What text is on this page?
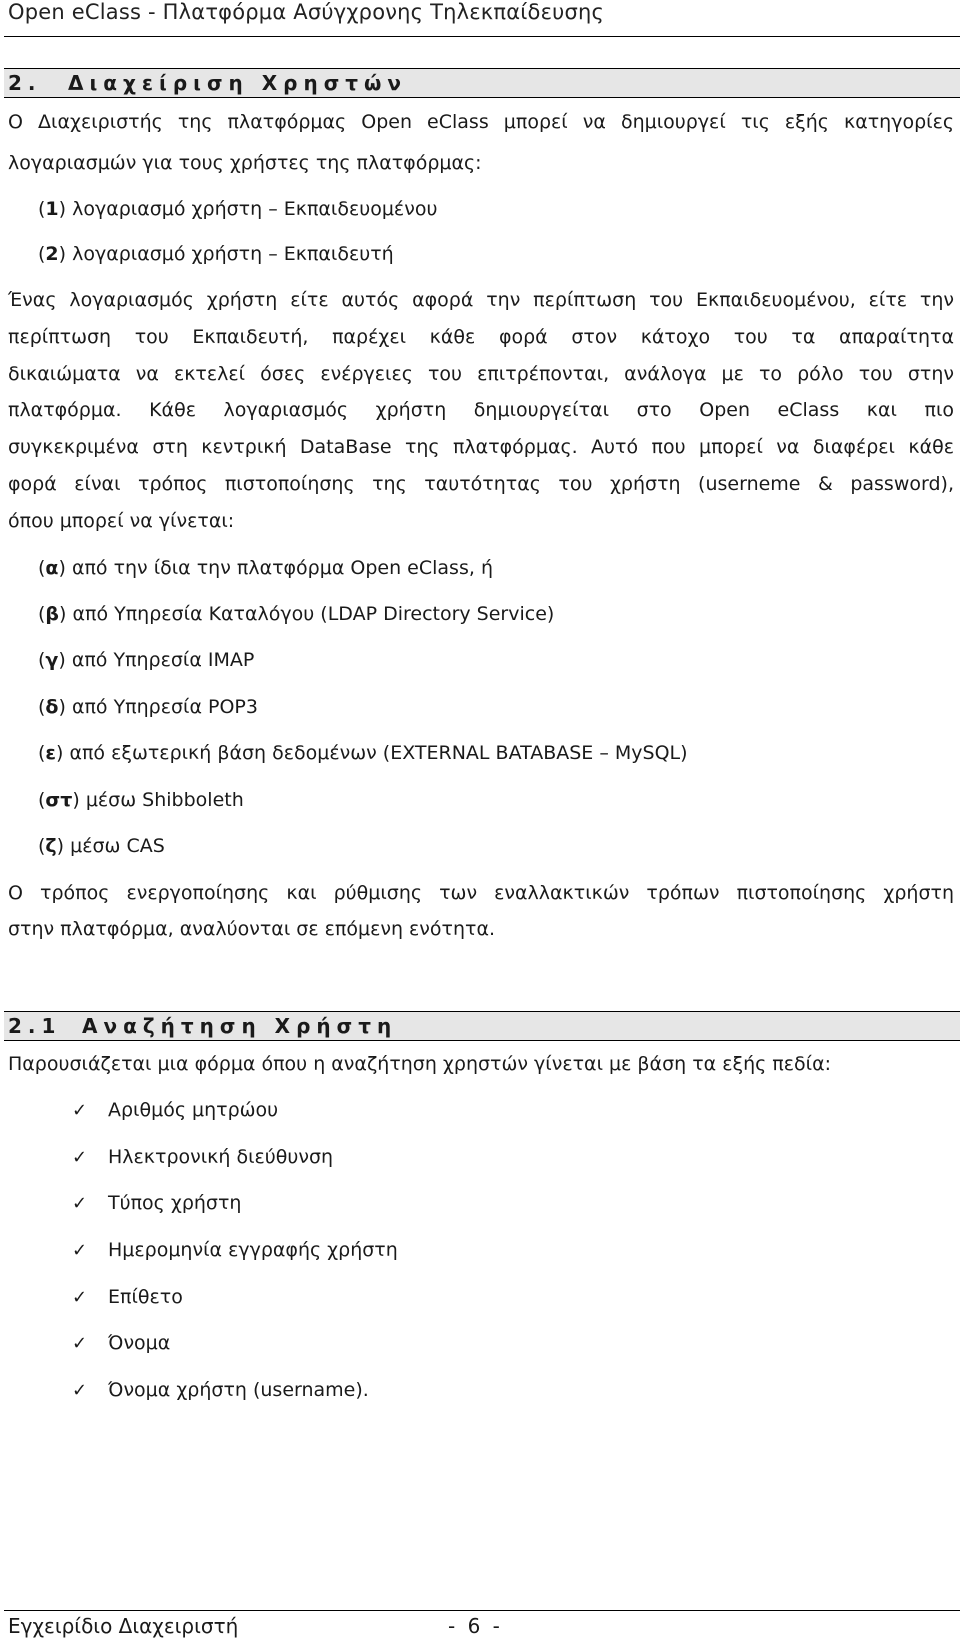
Open eClass - Πλατφόρμα Ασύγχρονης Τηλεκπαίδευσης
2. Διαχείριση Χρηστών
Ο Διαχειριστής της πλατφόρμας Open eClass μπορεί να δημιουργεί τις εξής κατηγορίες
λογαριασμών για τους χρήστες της πλατφόρμας:
(1) λογαριασμό χρήστη – Εκπαιδευομένου
(2) λογαριασμό χρήστη – Εκπαιδευτή
Ένας λογαριασμός χρήστη είτε αυτός αφορά την περίπτωση του Εκπαιδευομένου, είτε την
περίπτωση του Εκπαιδευτή, παρέχει κάθε φορά στον κάτοχο του τα απαραίτητα
δικαιώματα να εκτελεί όσες ενέργειες του επιτρέπονται, ανάλογα με το ρόλο του στην
πλατφόρμα. Κάθε λογαριασμός χρήστη δημιουργείται στο Open eClass και πιο
συγκεκριμένα στη κεντρική DataBase της πλατφόρμας. Αυτό που μπορεί να διαφέρει κάθε
φορά είναι τρόπος πιστοποίησης της ταυτότητας του χρήστη (userneme & password),
όπου μπορεί να γίνεται:
(α) από την ίδια την πλατφόρμα Open eClass, ή
(β) από Υπηρεσία Καταλόγου (LDAP Directory Service)
(γ) από Υπηρεσία IMAP
(δ) από Υπηρεσία POP3
(ε) από εξωτερική βάση δεδομένων (EXTERNAL BATABASE – MySQL)
(στ) μέσω Shibboleth
(ζ) μέσω CAS
Ο τρόπος ενεργοποίησης και ρύθμισης των εναλλακτικών τρόπων πιστοποίησης χρήστη
στην πλατφόρμα, αναλύονται σε επόμενη ενότητα.
2.1 Αναζήτηση Χρήστη
Παρουσιάζεται μια φόρμα όπου η αναζήτηση χρηστών γίνεται με βάση τα εξής πεδία:
✓ Αριθμός μητρώου
✓ Ηλεκτρονική διεύθυνση
✓ Τύπος χρήστη
✓ Ημερομηνία εγγραφής χρήστη
✓ Επίθετο
✓ Όνομα
✓ Όνομα χρήστη (username).
Εγχειρίδιο Διαχειριστή	- 6 -
